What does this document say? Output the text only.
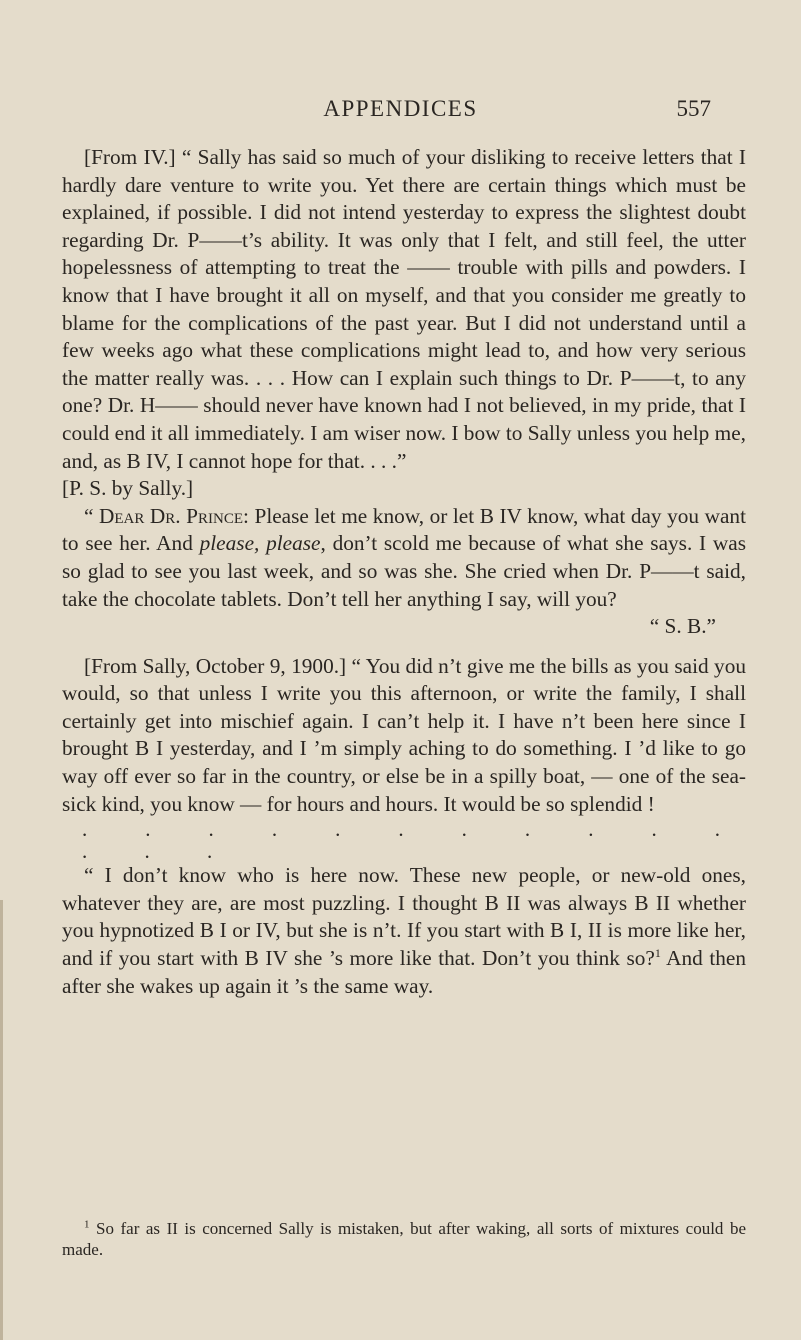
APPENDICES	557

[From IV.] “ Sally has said so much of your disliking to receive letters that I hardly dare venture to write you. Yet there are certain things which must be explained, if possible. I did not intend yesterday to express the slightest doubt regarding Dr. P——t’s ability. It was only that I felt, and still feel, the utter hopelessness of attempting to treat the —— trouble with pills and powders. I know that I have brought it all on myself, and that you consider me greatly to blame for the complications of the past year. But I did not understand until a few weeks ago what these complications might lead to, and how very serious the matter really was. . . . How can I explain such things to Dr. P——t, to any one? Dr. H—— should never have known had I not believed, in my pride, that I could end it all immediately. I am wiser now. I bow to Sally unless you help me, and, as B IV, I cannot hope for that. . . .”

[P. S. by Sally.]

“ Dear Dr. Prince: Please let me know, or let B IV know, what day you want to see her. And please, please, don’t scold me because of what she says. I was so glad to see you last week, and so was she. She cried when Dr. P——t said, take the chocolate tablets. Don’t tell her anything I say, will you?

“ S. B.”

[From Sally, October 9, 1900.] “ You did n’t give me the bills as you said you would, so that unless I write you this afternoon, or write the family, I shall certainly get into mischief again. I can’t help it. I have n’t been here since I brought B I yesterday, and I ’m simply aching to do something. I ’d like to go way off ever so far in the country, or else be in a spilly boat, — one of the sea-sick kind, you know — for hours and hours. It would be so splendid !

. . . . . . . . . . . . . .

“ I don’t know who is here now. These new people, or new-old ones, whatever they are, are most puzzling. I thought B II was always B II whether you hypnotized B I or IV, but she is n’t. If you start with B I, II is more like her, and if you start with B IV she ’s more like that. Don’t you think so?$^1$ And then after she wakes up again it ’s the same way.

$^1$ So far as II is concerned Sally is mistaken, but after waking, all sorts of mixtures could be made.
